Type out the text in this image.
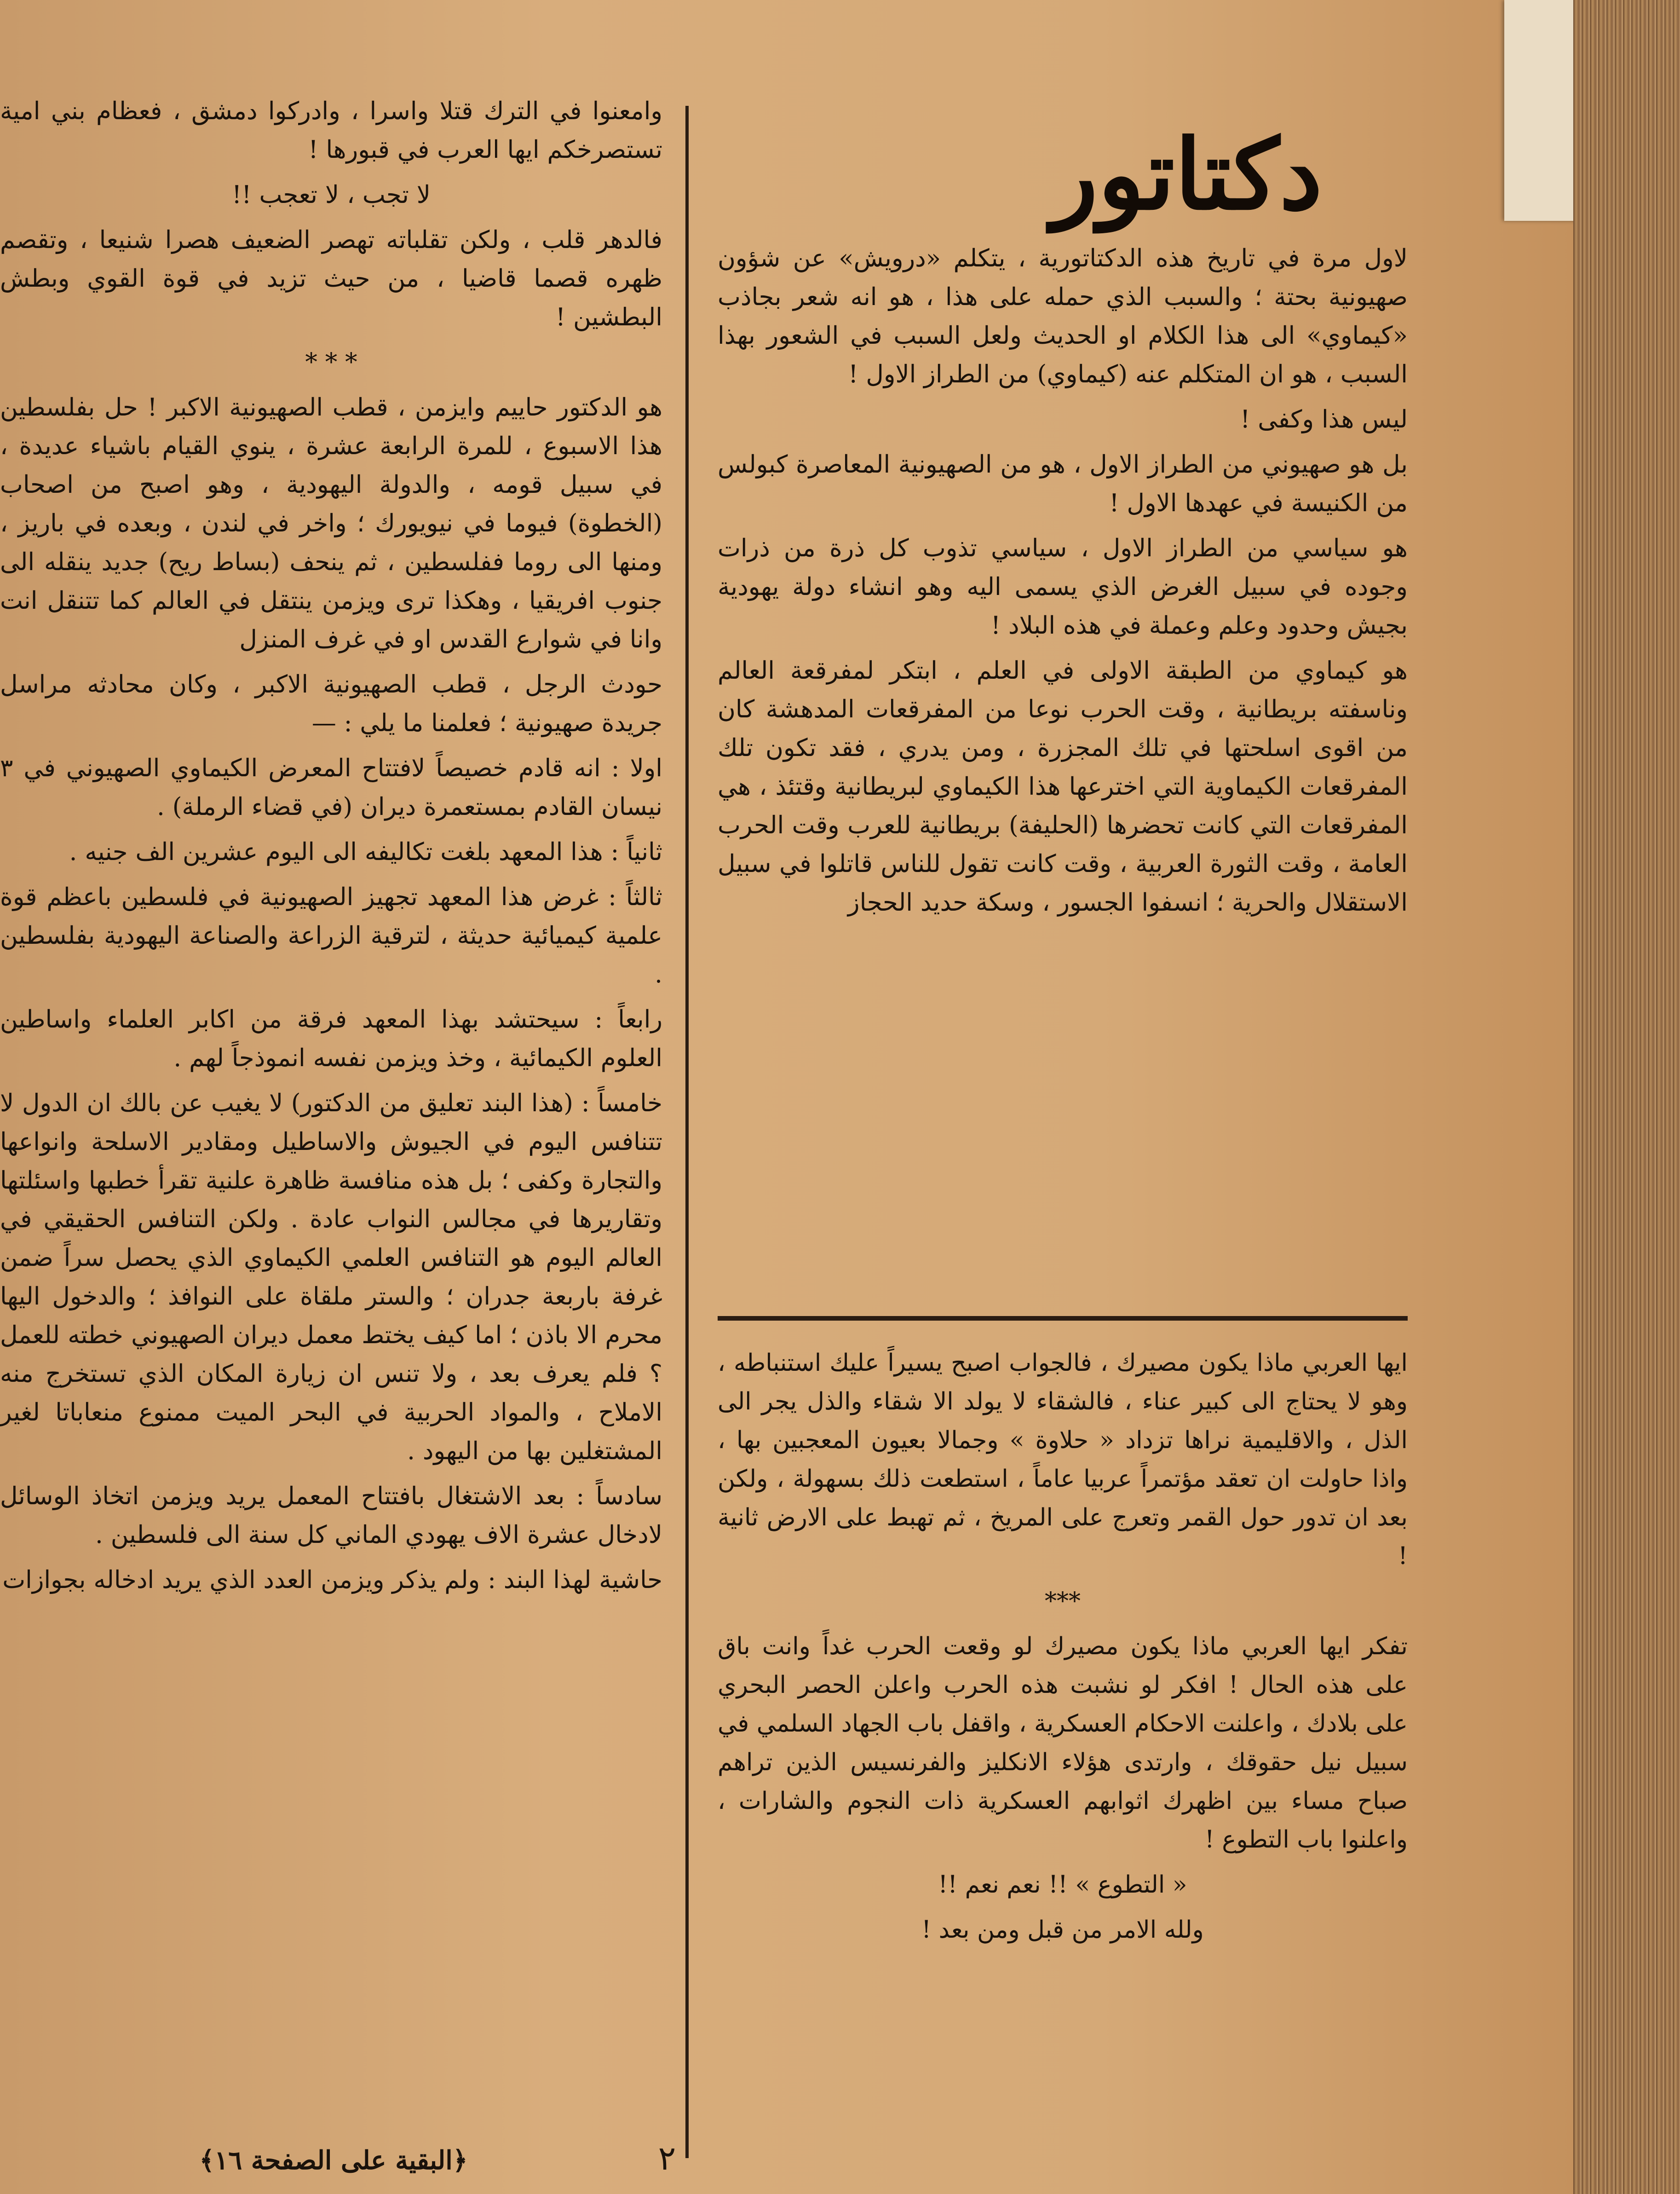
دكتاتور

لاول مرة في تاريخ هذه الدكتاتورية ، يتكلم «درويش» عن شؤون صهيونية بحتة ؛ والسبب الذي حمله على هذا ، هو انه شعر بجاذب «كيماوي» الى هذا الكلام او الحديث ولعل السبب في الشعور بهذا السبب ، هو ان المتكلم عنه (كيماوي) من الطراز الاول !

ليس هذا وكفى !

بل هو صهيوني من الطراز الاول ، هو من الصهيونية المعاصرة كبولس من الكنيسة في عهدها الاول !

هو سياسي من الطراز الاول ، سياسي تذوب كل ذرة من ذرات وجوده في سبيل الغرض الذي يسمى اليه وهو انشاء دولة يهودية بجيش وحدود وعلم وعملة في هذه البلاد !

هو كيماوي من الطبقة الاولى في العلم ، ابتكر لمفرقعة العالم وناسفته بريطانية ، وقت الحرب نوعا من المفرقعات المدهشة كان من اقوى اسلحتها في تلك المجزرة ، ومن يدري ، فقد تكون تلك المفرقعات الكيماوية التي اخترعها هذا الكيماوي لبريطانية وقتئذ ، هي المفرقعات التي كانت تحضرها (الحليفة) بريطانية للعرب وقت الحرب العامة ، وقت الثورة العربية ، وقت كانت تقول للناس قاتلوا في سبيل الاستقلال والحرية ؛ انسفوا الجسور ، وسكة حديد الحجاز

ايها العربي ماذا يكون مصيرك ، فالجواب اصبح يسيراً عليك استنباطه ، وهو لا يحتاج الى كبير عناء ، فالشقاء لا يولد الا شقاء والذل يجر الى الذل ، والاقليمية نراها تزداد « حلاوة » وجمالا بعيون المعجبين بها ، واذا حاولت ان تعقد مؤتمراً عربيا عاماً ، استطعت ذلك بسهولة ، ولكن بعد ان تدور حول القمر وتعرج على المريخ ، ثم تهبط على الارض ثانية !

***

تفكر ايها العربي ماذا يكون مصيرك لو وقعت الحرب غداً وانت باق على هذه الحال ! افكر لو نشبت هذه الحرب واعلن الحصر البحري على بلادك ، واعلنت الاحكام العسكرية ، واقفل باب الجهاد السلمي في سبيل نيل حقوقك ، وارتدى هؤلاء الانكليز والفرنسيس الذين تراهم صباح مساء بين اظهرك اثوابهم العسكرية ذات النجوم والشارات ، واعلنوا باب التطوع !

« التطوع » !! نعم نعم !!

ولله الامر من قبل ومن بعد !

وامعنوا في الترك قتلا واسرا ، وادركوا دمشق ، فعظام بني امية تستصرخكم ايها العرب في قبورها !

لا تجب ، لا تعجب !!

فالدهر قلب ، ولكن تقلباته تهصر الضعيف هصرا شنيعا ، وتقصم ظهره قصما قاضيا ، من حيث تزيد في قوة القوي وبطش البطشين !

* * *

هو الدكتور حاييم وايزمن ، قطب الصهيونية الاكبر ! حل بفلسطين هذا الاسبوع ، للمرة الرابعة عشرة ، ينوي القيام باشياء عديدة ، في سبيل قومه ، والدولة اليهودية ، وهو اصبح من اصحاب (الخطوة) فيوما في نيويورك ؛ واخر في لندن ، وبعده في باريز ، ومنها الى روما ففلسطين ، ثم ينحف (بساط ريح) جديد ينقله الى جنوب افريقيا ، وهكذا ترى ويزمن ينتقل في العالم كما تتنقل انت وانا في شوارع القدس او في غرف المنزل

حودث الرجل ، قطب الصهيونية الاكبر ، وكان محادثه مراسل جريدة صهيونية ؛ فعلمنا ما يلي : —

اولا : انه قادم خصيصاً لافتتاح المعرض الكيماوي الصهيوني في ٣ نيسان القادم بمستعمرة ديران (في قضاء الرملة) .

ثانياً : هذا المعهد بلغت تكاليفه الى اليوم عشرين الف جنيه .

ثالثاً : غرض هذا المعهد تجهيز الصهيونية في فلسطين باعظم قوة علمية كيميائية حديثة ، لترقية الزراعة والصناعة اليهودية بفلسطين .

رابعاً : سيحتشد بهذا المعهد فرقة من اكابر العلماء واساطين العلوم الكيمائية ، وخذ ويزمن نفسه انموذجاً لهم .

خامساً : (هذا البند تعليق من الدكتور) لا يغيب عن بالك ان الدول لا تتنافس اليوم في الجيوش والاساطيل ومقادير الاسلحة وانواعها والتجارة وكفى ؛ بل هذه منافسة ظاهرة علنية تقرأ خطبها واسئلتها وتقاريرها في مجالس النواب عادة . ولكن التنافس الحقيقي في العالم اليوم هو التنافس العلمي الكيماوي الذي يحصل سراً ضمن غرفة باربعة جدران ؛ والستر ملقاة على النوافذ ؛ والدخول اليها محرم الا باذن ؛ اما كيف يختط معمل ديران الصهيوني خطته للعمل ؟ فلم يعرف بعد ، ولا تنس ان زيارة المكان الذي تستخرج منه الاملاح ، والمواد الحربية في البحر الميت ممنوع منعاباتا لغير المشتغلين بها من اليهود .

سادساً : بعد الاشتغال بافتتاح المعمل يريد ويزمن اتخاذ الوسائل لادخال عشرة الاف يهودي الماني كل سنة الى فلسطين .

حاشية لهذا البند : ولم يذكر ويزمن العدد الذي يريد ادخاله بجوازات

٢
﴿البقية على الصفحة ١٦﴾
